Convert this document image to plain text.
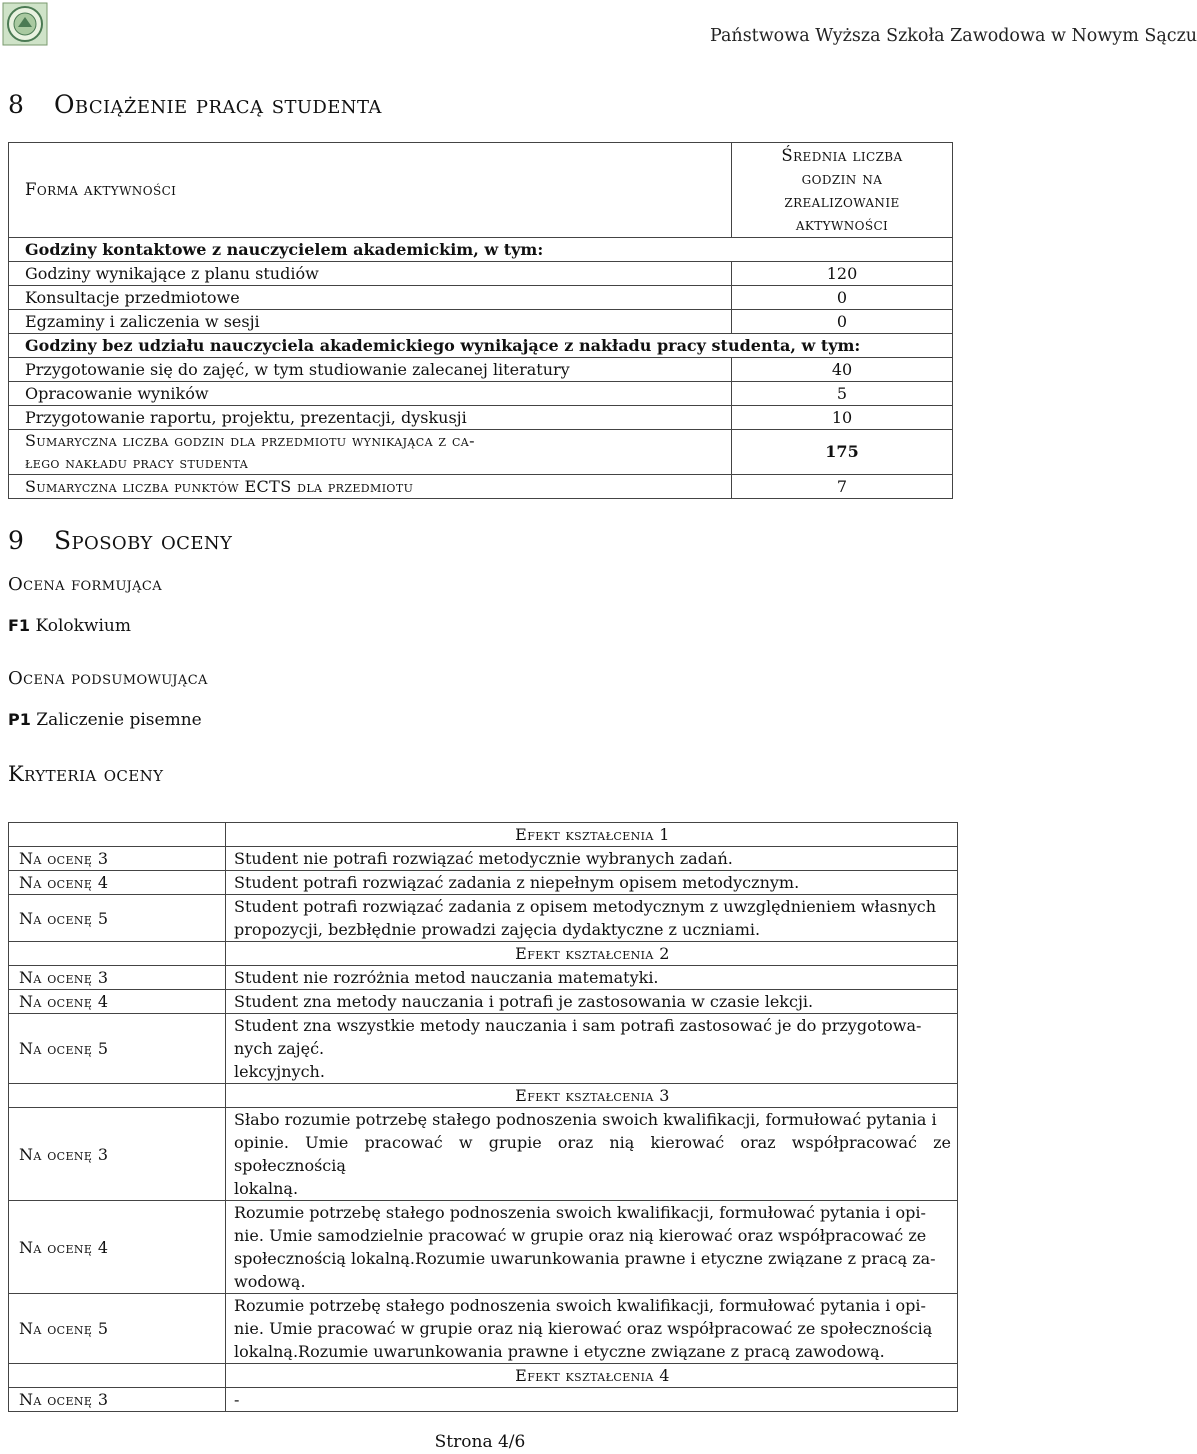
Państwowa Wyższa Szkoła Zawodowa w Nowym Sączu
8 Obciążenie pracą studenta
Forma aktywności	Średnia liczba
godzin na
zrealizowanie
aktywności
Godziny kontaktowe z nauczycielem akademickim, w tym:	
Godziny wynikające z planu studiów	120
Konsultacje przedmiotowe	0
Egzaminy i zaliczenia w sesji	0
Godziny bez udziału nauczyciela akademickiego wynikające z nakładu pracy studenta, w tym:	
Przygotowanie się do zajęć, w tym studiowanie zalecanej literatury	40
Opracowanie wyników	5
Przygotowanie raportu, projektu, prezentacji, dyskusji	10
Sumaryczna liczba godzin dla przedmiotu wynikająca z ca-
łego nakładu pracy studenta	175
Sumaryczna liczba punktów ECTS dla przedmiotu	7
9 Sposoby oceny
Ocena formująca
F1 Kolokwium
Ocena podsumowująca
P1 Zaliczenie pisemne
Kryteria oceny
	Efekt kształcenia 1
Na ocenę 3	Student nie potrafi rozwiązać metodycznie wybranych zadań.
Na ocenę 4	Student potrafi rozwiązać zadania z niepełnym opisem metodycznym.
Na ocenę 5	Student potrafi rozwiązać zadania z opisem metodycznym z uwzględnieniem własnych
propozycji, bezbłędnie prowadzi zajęcia dydaktyczne z uczniami.
	Efekt kształcenia 2
Na ocenę 3	Student nie rozróżnia metod nauczania matematyki.
Na ocenę 4	Student zna metody nauczania i potrafi je zastosowania w czasie lekcji.
Na ocenę 5	Student zna wszystkie metody nauczania i sam potrafi zastosować je do przygotowa-
nych zajęć.
lekcyjnych.
	Efekt kształcenia 3
Na ocenę 3	Słabo rozumie potrzebę stałego podnoszenia swoich kwalifikacji, formułować pytania i
opinie. Umie pracować w grupie oraz nią kierować oraz współpracować ze społecznością
lokalną.
Na ocenę 4	Rozumie potrzebę stałego podnoszenia swoich kwalifikacji, formułować pytania i opi-
nie. Umie samodzielnie pracować w grupie oraz nią kierować oraz współpracować ze
społecznością lokalną.Rozumie uwarunkowania prawne i etyczne związane z pracą za-
wodową.
Na ocenę 5	Rozumie potrzebę stałego podnoszenia swoich kwalifikacji, formułować pytania i opi-
nie. Umie pracować w grupie oraz nią kierować oraz współpracować ze społecznością
lokalną.Rozumie uwarunkowania prawne i etyczne związane z pracą zawodową.
	Efekt kształcenia 4
Na ocenę 3	-
Strona 4/6
